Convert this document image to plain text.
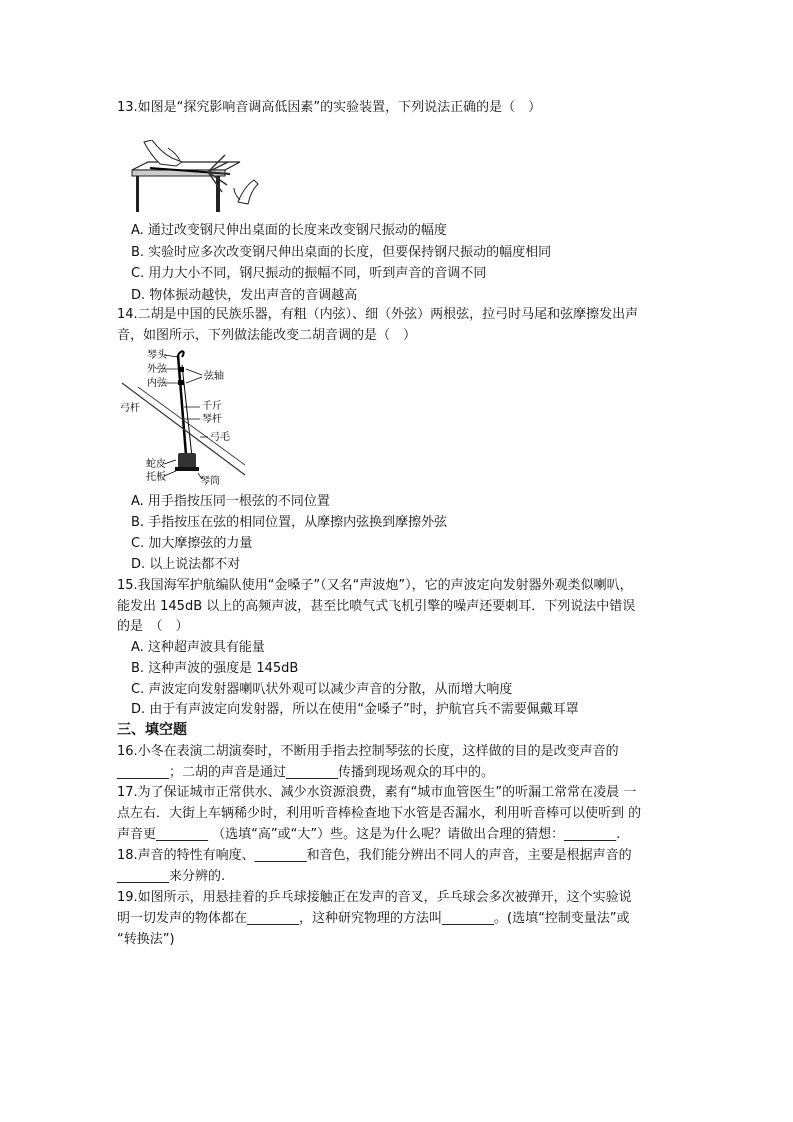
13.如图是“探究影响音调高低因素”的实验装置，下列说法正确的是（　）
A. 通过改变钢尺伸出桌面的长度来改变钢尺振动的幅度
B. 实验时应多次改变钢尺伸出桌面的长度，但要保持钢尺振动的幅度相同
C. 用力大小不同，钢尺振动的振幅不同，听到声音的音调不同
D. 物体振动越快，发出声音的音调越高
14.二胡是中国的民族乐器，有粗（内弦）、细（外弦）两根弦，拉弓时马尾和弦摩擦发出声
音，如图所示，下列做法能改变二胡音调的是（　）
琴头
外弦
内弦
弦轴
弓杆	千斤
琴杆
弓毛
蛇皮
托板	琴筒
A. 用手指按压同一根弦的不同位置
B. 手指按压在弦的相同位置，从摩擦内弦换到摩擦外弦
C. 加大摩擦弦的力量
D. 以上说法都不对
15.我国海军护航编队使用“金嗓子”（又名“声波炮”），它的声波定向发射器外观类似喇叭，
能发出 145dB 以上的高频声波，甚至比喷气式飞机引擎的噪声还要刺耳．下列说法中错误
的是　（　）
A. 这种超声波具有能量
B. 这种声波的强度是 145dB
C. 声波定向发射器喇叭状外观可以减少声音的分散，从而增大响度
D. 由于有声波定向发射器，所以在使用“金嗓子”时，护航官兵不需要佩戴耳罩
三、填空题
16.小冬在表演二胡演奏时，不断用手指去控制琴弦的长度，这样做的目的是改变声音的
________；二胡的声音是通过________传播到现场观众的耳中的。
17.为了保证城市正常供水、减少水资源浪费，素有“城市血管医生”的听漏工常常在凌晨 一
点左右．大街上车辆稀少时，利用听音棒检查地下水管是否漏水，利用听音棒可以使听到 的
声音更________ （选填“高”或“大”）些。这是为什么呢？请做出合理的猜想：________.
18.声音的特性有响度、________和音色，我们能分辨出不同人的声音，主要是根据声音的
________来分辨的.
19.如图所示，用悬挂着的乒乓球接触正在发声的音叉，乒乓球会多次被弹开，这个实验说
明一切发声的物体都在________，这种研究物理的方法叫________。(选填“控制变量法”或
“转换法”)
